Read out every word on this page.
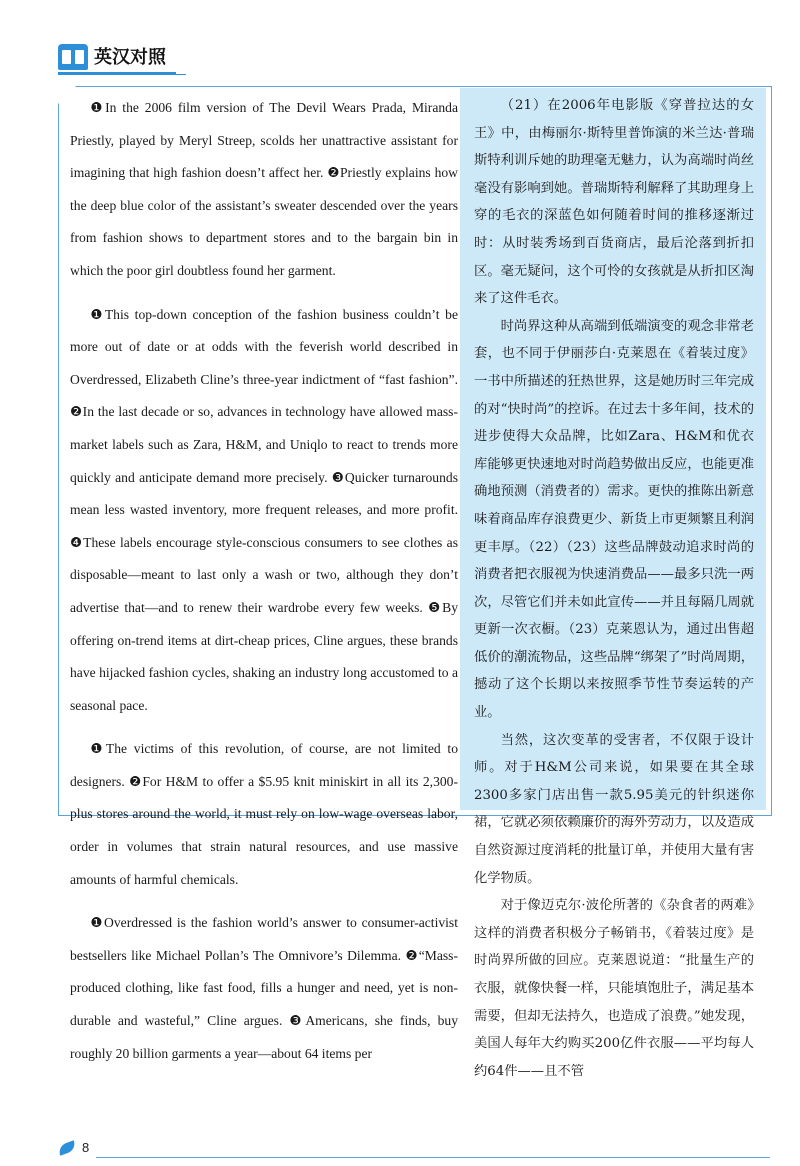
英汉对照

❶In the 2006 film version of The Devil Wears Prada, Miranda Priestly, played by Meryl Streep, scolds her unattractive assistant for imagining that high fashion doesn’t affect her. ❷Priestly explains how the deep blue color of the assistant’s sweater descended over the years from fashion shows to department stores and to the bargain bin in which the poor girl doubtless found her garment.

❶This top-down conception of the fashion business couldn’t be more out of date or at odds with the feverish world described in Overdressed, Elizabeth Cline’s three-year indictment of “fast fashion”. ❷In the last decade or so, advances in technology have allowed mass-market labels such as Zara, H&M, and Uniqlo to react to trends more quickly and anticipate demand more precisely. ❸Quicker turnarounds mean less wasted inventory, more frequent releases, and more profit. ❹These labels encourage style-conscious consumers to see clothes as disposable—meant to last only a wash or two, although they don’t advertise that—and to renew their wardrobe every few weeks. ❺By offering on-trend items at dirt-cheap prices, Cline argues, these brands have hijacked fashion cycles, shaking an industry long accustomed to a seasonal pace.

❶The victims of this revolution, of course, are not limited to designers. ❷For H&M to offer a $5.95 knit miniskirt in all its 2,300-plus stores around the world, it must rely on low-wage overseas labor, order in volumes that strain natural resources, and use massive amounts of harmful chemicals.

❶Overdressed is the fashion world’s answer to consumer-activist bestsellers like Michael Pollan’s The Omnivore’s Dilemma. ❷“Mass-produced clothing, like fast food, fills a hunger and need, yet is non-durable and wasteful,” Cline argues. ❸Americans, she finds, buy roughly 20 billion garments a year—about 64 items per

（21）在2006年电影版《穿普拉达的女王》中，由梅丽尔·斯特里普饰演的米兰达·普瑞斯特利训斥她的助理毫无魅力，认为高端时尚丝毫没有影响到她。普瑞斯特利解释了其助理身上穿的毛衣的深蓝色如何随着时间的推移逐渐过时：从时装秀场到百货商店，最后沦落到折扣区。毫无疑问，这个可怜的女孩就是从折扣区淘来了这件毛衣。

时尚界这种从高端到低端演变的观念非常老套，也不同于伊丽莎白·克莱恩在《着装过度》一书中所描述的狂热世界，这是她历时三年完成的对“快时尚”的控诉。在过去十多年间，技术的进步使得大众品牌，比如Zara、H&M和优衣库能够更快速地对时尚趋势做出反应，也能更准确地预测（消费者的）需求。更快的推陈出新意味着商品库存浪费更少、新货上市更频繁且利润更丰厚。（22）（23）这些品牌鼓动追求时尚的消费者把衣服视为快速消费品——最多只洗一两次，尽管它们并未如此宣传——并且每隔几周就更新一次衣橱。（23）克莱恩认为，通过出售超低价的潮流物品，这些品牌“绑架了”时尚周期，撼动了这个长期以来按照季节性节奏运转的产业。

当然，这次变革的受害者，不仅限于设计师。对于H&M公司来说，如果要在其全球2300多家门店出售一款5.95美元的针织迷你裙，它就必须依赖廉价的海外劳动力，以及造成自然资源过度消耗的批量订单，并使用大量有害化学物质。

对于像迈克尔·波伦所著的《杂食者的两难》这样的消费者积极分子畅销书，《着装过度》是时尚界所做的回应。克莱恩说道：“批量生产的衣服，就像快餐一样，只能填饱肚子，满足基本需要，但却无法持久，也造成了浪费。”她发现，美国人每年大约购买200亿件衣服——平均每人约64件——且不管

8
